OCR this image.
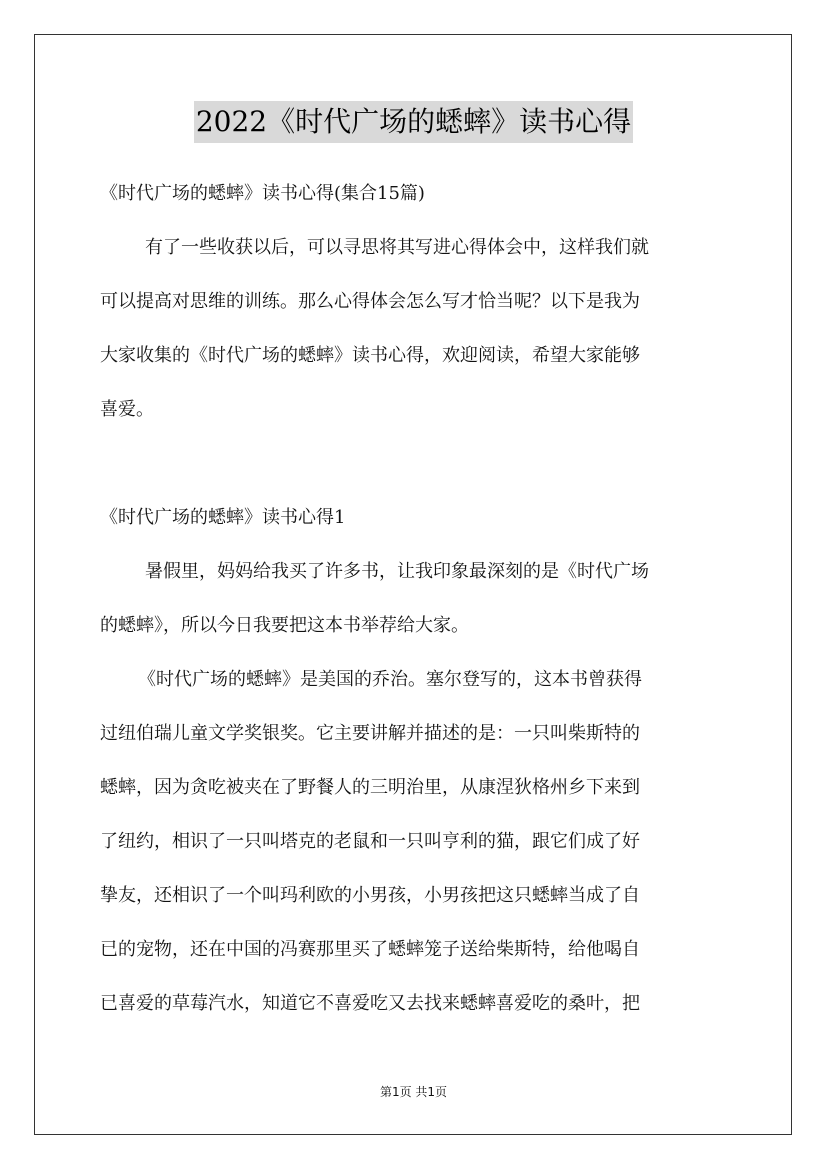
2022《时代广场的蟋蟀》读书心得
《时代广场的蟋蟀》读书心得(集合15篇)
有了一些收获以后，可以寻思将其写进心得体会中，这样我们就
可以提高对思维的训练。那么心得体会怎么写才恰当呢？以下是我为
大家收集的《时代广场的蟋蟀》读书心得，欢迎阅读，希望大家能够
喜爱。
《时代广场的蟋蟀》读书心得1
暑假里，妈妈给我买了许多书，让我印象最深刻的是《时代广场
的蟋蟀》，所以今日我要把这本书举荐给大家。
《时代广场的蟋蟀》是美国的乔治。塞尔登写的，这本书曾获得
过纽伯瑞儿童文学奖银奖。它主要讲解并描述的是：一只叫柴斯特的
蟋蟀，因为贪吃被夹在了野餐人的三明治里，从康涅狄格州乡下来到
了纽约，相识了一只叫塔克的老鼠和一只叫亨利的猫，跟它们成了好
挚友，还相识了一个叫玛利欧的小男孩，小男孩把这只蟋蟀当成了自
已的宠物，还在中国的冯赛那里买了蟋蟀笼子送给柴斯特，给他喝自
已喜爱的草莓汽水，知道它不喜爱吃又去找来蟋蟀喜爱吃的桑叶，把
第1页 共1页
